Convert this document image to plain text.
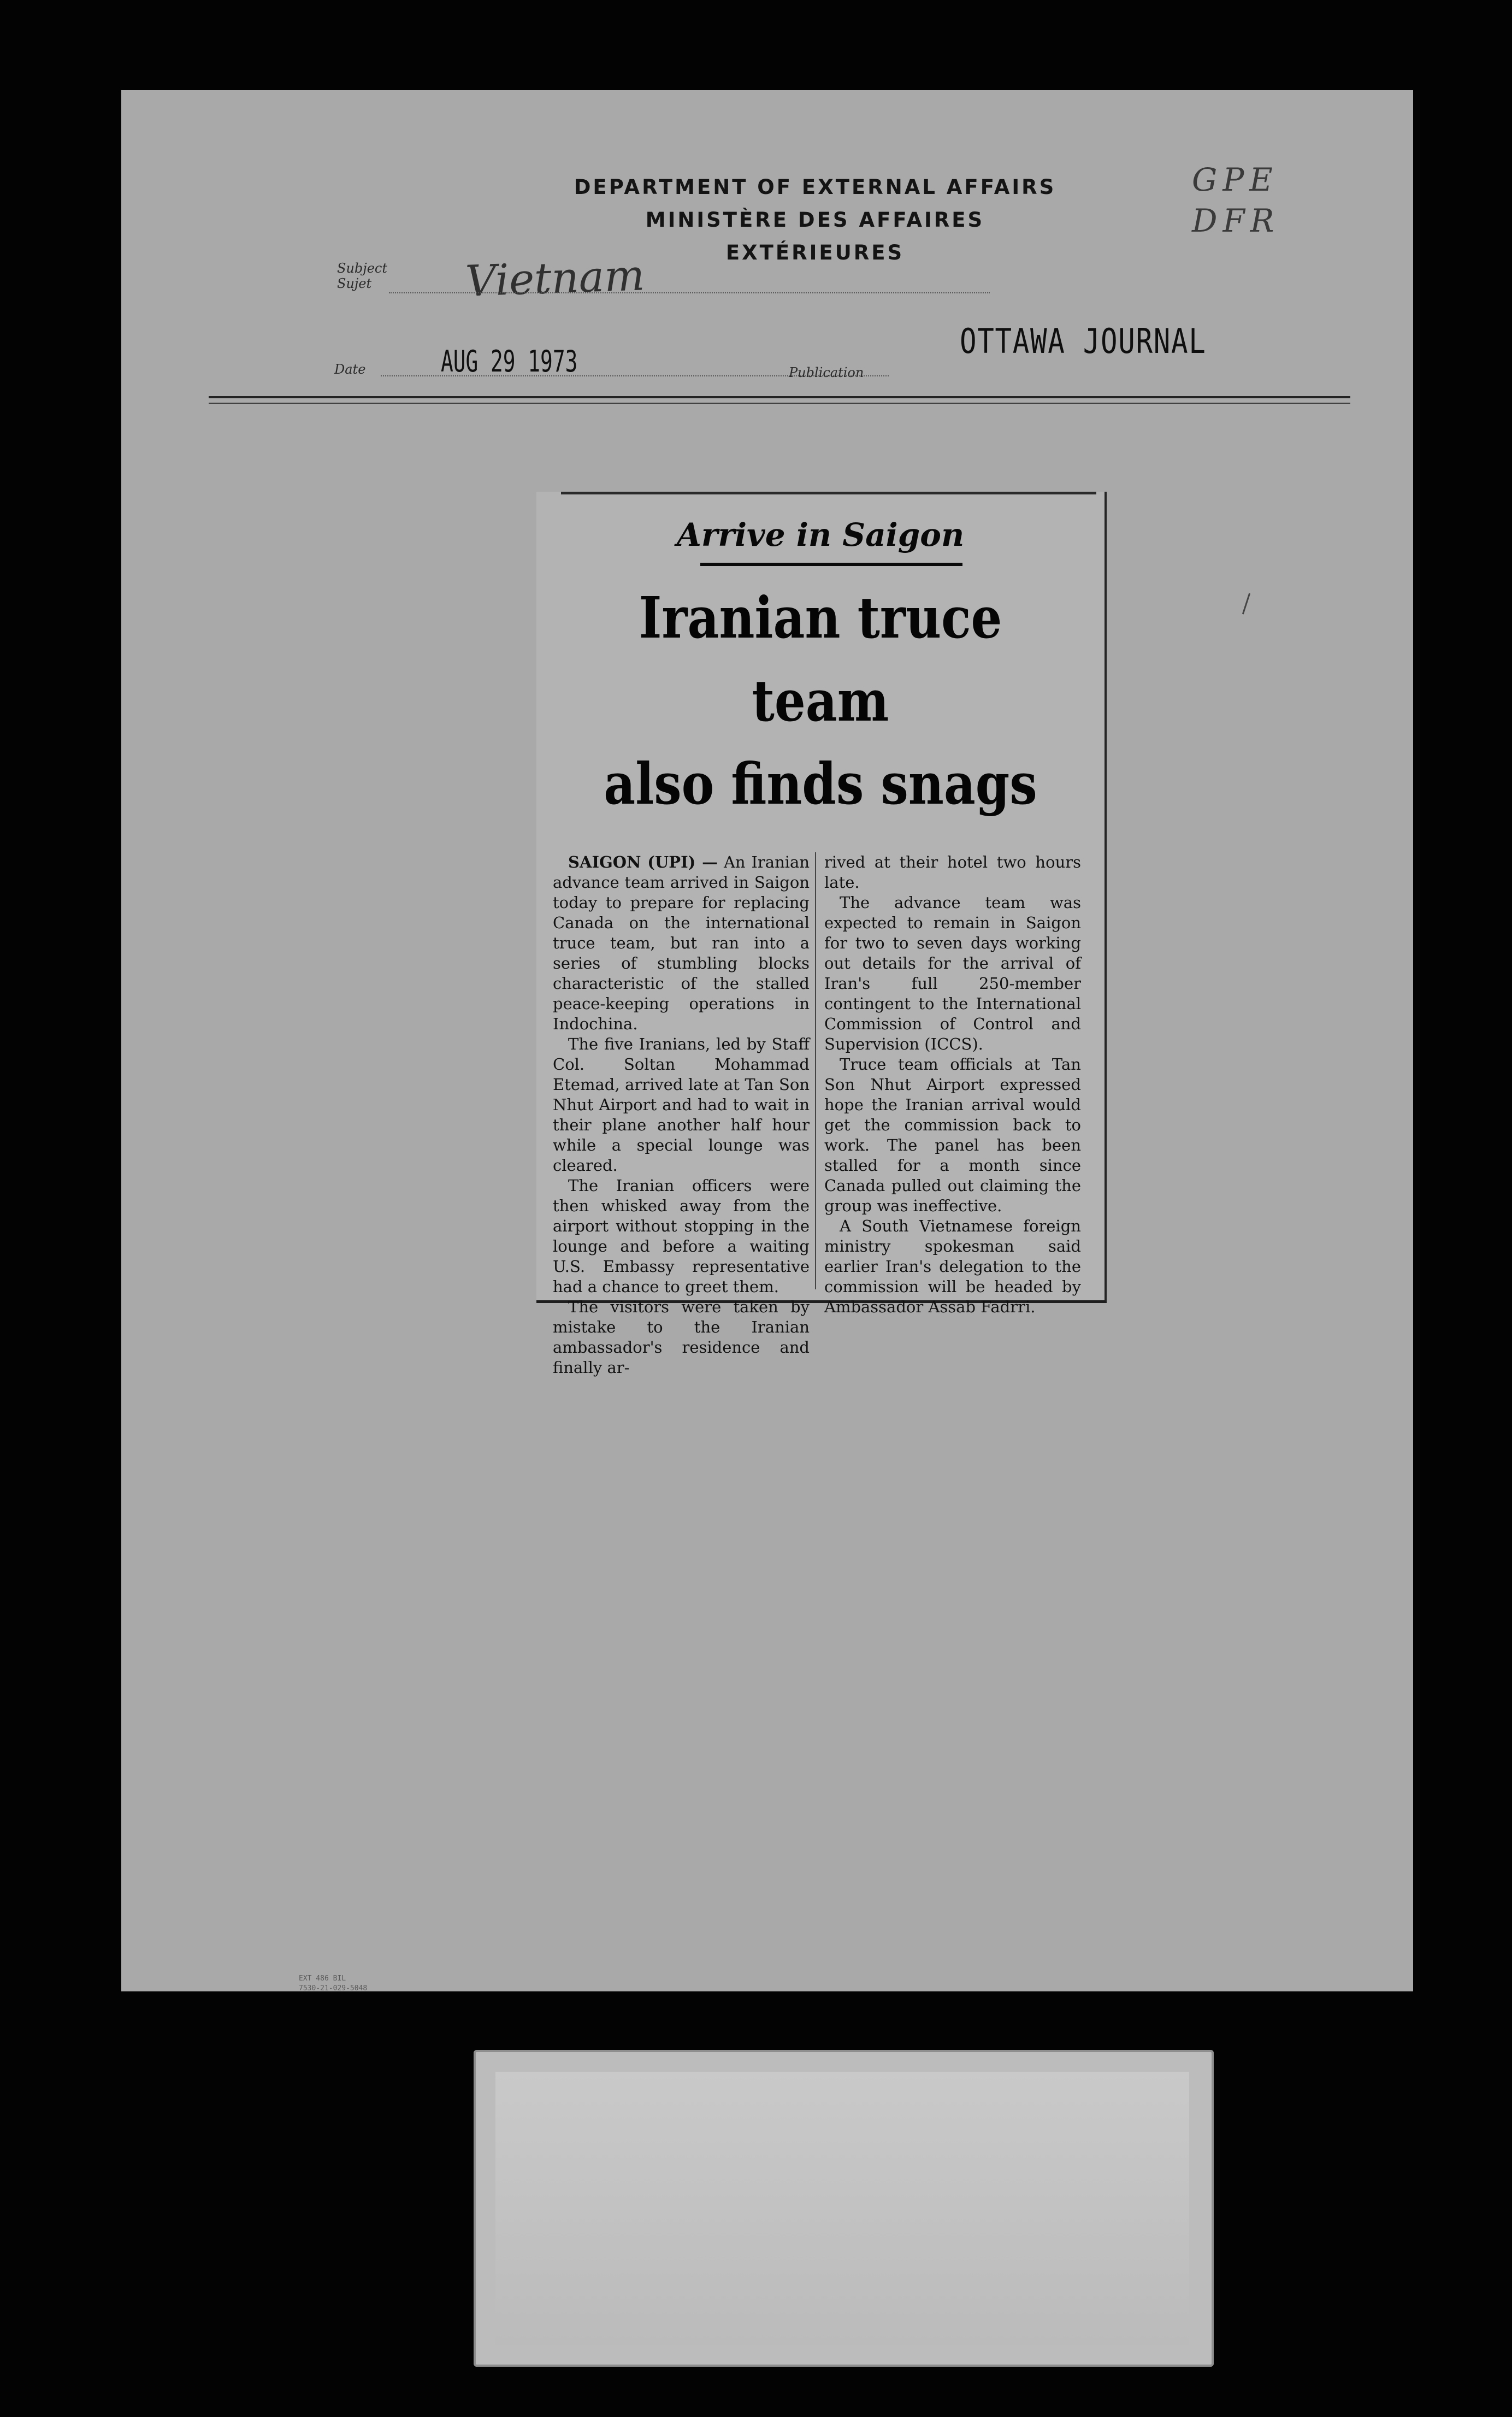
DEPARTMENT OF EXTERNAL AFFAIRS
MINISTÈRE DES AFFAIRES EXTÉRIEURES
GPE
DFR
Subject
Sujet	Vietnam
Date	AUG 29 1973	Publication
OTTAWA JOURNAL
Arrive in Saigon
Iranian truce team
also finds snags

SAIGON (UPI) — An Iranian advance team arrived in Saigon today to prepare for replacing Canada on the international truce team, but ran into a series of stumbling blocks characteristic of the stalled peace-keeping operations in Indochina.

The five Iranians, led by Staff Col. Soltan Mohammad Etemad, arrived late at Tan Son Nhut Airport and had to wait in their plane another half hour while a special lounge was cleared.

The Iranian officers were then whisked away from the airport without stopping in the lounge and before a waiting U.S. Embassy representative had a chance to greet them.

The visitors were taken by mistake to the Iranian ambassador's residence and finally ar-

rived at their hotel two hours late.

The advance team was expected to remain in Saigon for two to seven days working out details for the arrival of Iran's full 250-member contingent to the International Commission of Control and Supervision (ICCS).

Truce team officials at Tan Son Nhut Airport expressed hope the Iranian arrival would get the commission back to work. The panel has been stalled for a month since Canada pulled out claiming the group was ineffective.

A South Vietnamese foreign ministry spokesman said earlier Iran's delegation to the commission will be headed by Ambassador Assab Fadrri.

EXT 486 BIL
7530-21-029-5048
